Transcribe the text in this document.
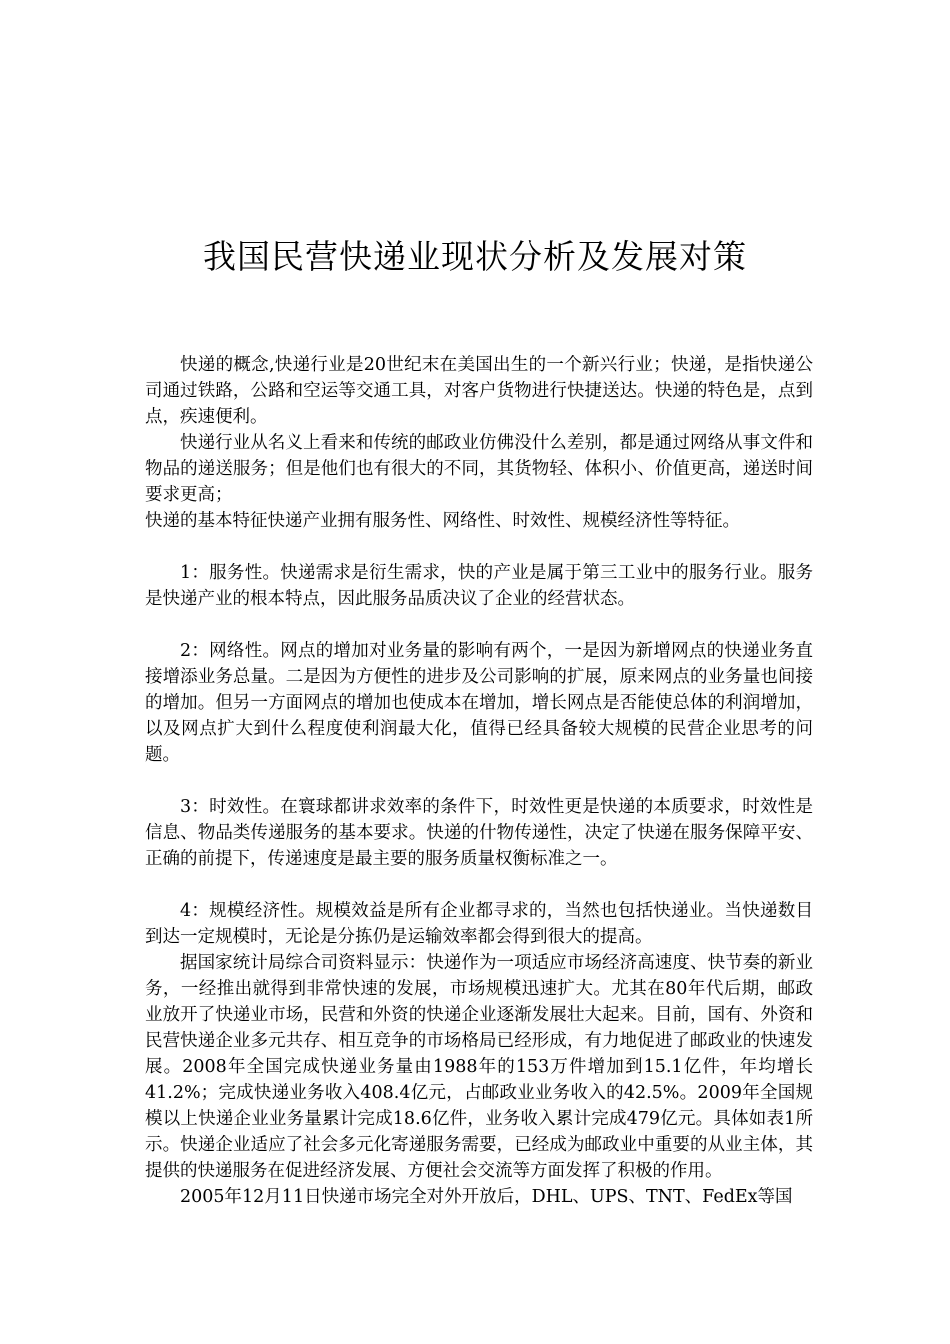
我国民营快递业现状分析及发展对策

快递的概念,快递行业是20世纪末在美国出生的一个新兴行业；快递，是指快递公司通过铁路，公路和空运等交通工具，对客户货物进行快捷送达。快递的特色是，点到点，疾速便利。

快递行业从名义上看来和传统的邮政业仿佛没什么差别，都是通过网络从事文件和物品的递送服务；但是他们也有很大的不同，其货物轻、体积小、价值更高，递送时间要求更高；

快递的基本特征快递产业拥有服务性、网络性、时效性、规模经济性等特征。

1：服务性。快递需求是衍生需求，快的产业是属于第三工业中的服务行业。服务是快递产业的根本特点，因此服务品质决议了企业的经营状态。

2：网络性。网点的增加对业务量的影响有两个，一是因为新增网点的快递业务直接增添业务总量。二是因为方便性的进步及公司影响的扩展，原来网点的业务量也间接的增加。但另一方面网点的增加也使成本在增加，增长网点是否能使总体的利润增加，以及网点扩大到什么程度使利润最大化，值得已经具备较大规模的民营企业思考的问题。

3：时效性。在寰球都讲求效率的条件下，时效性更是快递的本质要求，时效性是信息、物品类传递服务的基本要求。快递的什物传递性，决定了快递在服务保障平安、正确的前提下，传递速度是最主要的服务质量权衡标准之一。

4：规模经济性。规模效益是所有企业都寻求的，当然也包括快递业。当快递数目到达一定规模时，无论是分拣仍是运输效率都会得到很大的提高。

据国家统计局综合司资料显示：快递作为一项适应市场经济高速度、快节奏的新业务，一经推出就得到非常快速的发展，市场规模迅速扩大。尤其在80年代后期，邮政业放开了快递业市场，民营和外资的快递企业逐渐发展壮大起来。目前，国有、外资和民营快递企业多元共存、相互竞争的市场格局已经形成，有力地促进了邮政业的快速发展。2008年全国完成快递业务量由1988年的153万件增加到15.1亿件，年均增长41.2%；完成快递业务收入408.4亿元，占邮政业业务收入的42.5%。2009年全国规模以上快递企业业务量累计完成18.6亿件，业务收入累计完成479亿元。具体如表1所示。快递企业适应了社会多元化寄递服务需要，已经成为邮政业中重要的从业主体，其提供的快递服务在促进经济发展、方便社会交流等方面发挥了积极的作用。

2005年12月11日快递市场完全对外开放后，DHL、UPS、TNT、FedEx等国
